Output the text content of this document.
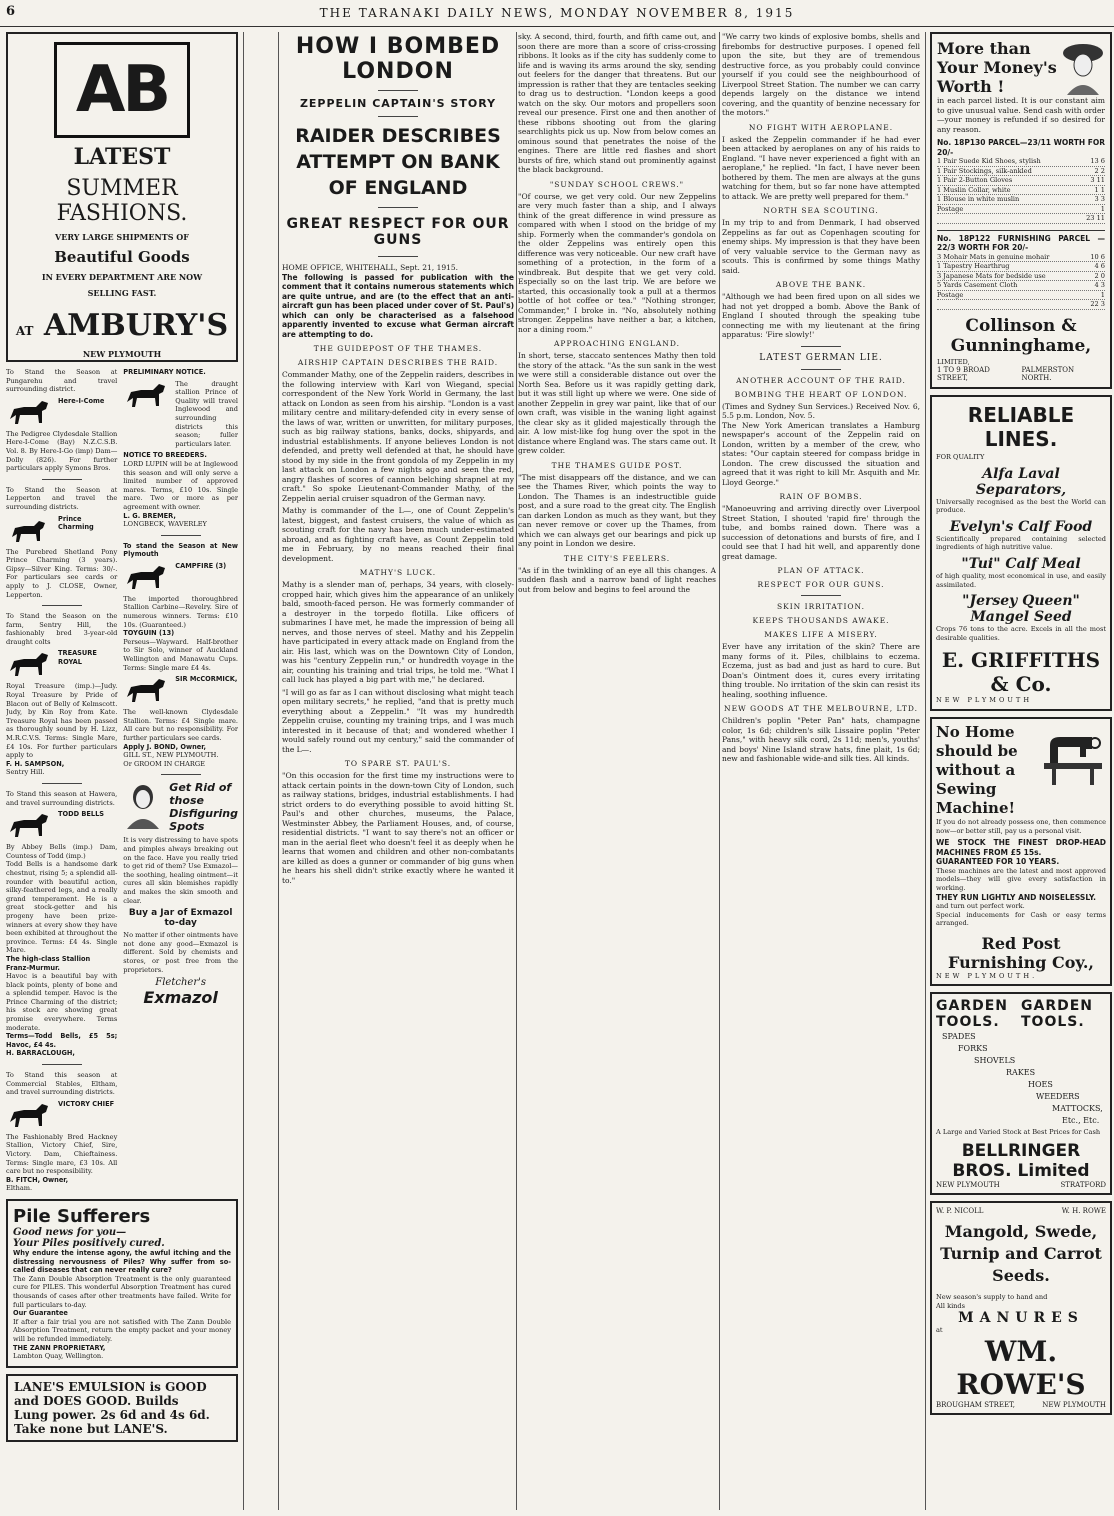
6	THE TARANAKI DAILY NEWS, MONDAY NOVEMBER 8, 1915
AB
LATEST
SUMMER FASHIONS.
VERY LARGE SHIPMENTS OF
Beautiful Goods
IN EVERY DEPARTMENT ARE NOW
SELLING FAST.
AT AMBURY'S
NEW PLYMOUTH
To Stand the Season at Pungarehu and travel surrounding district.
Here-I-Come
The Pedigree Clydesdale Stallion Here-I-Come (Bay) N.Z.C.S.B. Vol. 8. By Here-I-Go (imp) Dam—Dolly (826). For further particulars apply Symons Bros.
To Stand the Season at Lepperton and travel the surrounding districts.
Prince Charming
The Purebred Shetland Pony Prince Charming (3 years). Gipsy—Silver King. Terms: 30/-. For particulars see cards or apply to J. CLOSE, Owner, Lepperton.
To Stand the Season on the farm, Sentry Hill, the fashionably bred 3-year-old draught colts
TREASURE ROYAL
Royal Treasure (imp.)—Judy. Royal Treasure by Pride of Blacon out of Belly of Kelmscott. Judy, by Kin Roy from Kate. Treasure Royal has been passed as thoroughly sound by H. Lizz, M.R.C.V.S. Terms: Single Mare, £4 10s. For further particulars apply to
F. H. SAMPSON,
Sentry Hill.
To Stand this season at Hawera, and travel surrounding districts.
TODD BELLS
By Abbey Bells (imp.) Dam, Countess of Todd (imp.)
Todd Bells is a handsome dark chestnut, rising 5; a splendid all-rounder with beautiful action, silky-feathered legs, and a really grand temperament. He is a great stock-getter and his progeny have been prize-winners at every show they have been exhibited at throughout the province. Terms: £4 4s. Single Mare.
The high-class Stallion
Franz-Murmur.
Havoc is a beautiful bay with black points, plenty of bone and a splendid temper. Havoc is the Prince Charming of the district; his stock are showing great promise everywhere. Terms moderate.
Terms—Todd Bells, £5 5s; Havoc, £4 4s.
H. BARRACLOUGH,
To Stand this season at Commercial Stables, Eltham, and travel surrounding districts.
VICTORY CHIEF
The Fashionably Bred Hackney Stallion, Victory Chief, Sire, Victory. Dam, Chieftainess. Terms: Single mare, £3 10s. All care but no responsibility.
B. FITCH, Owner,
Eltham.
PRELIMINARY NOTICE.
The draught stallion Prince of Quality will travel Inglewood and surrounding districts this season; fuller particulars later.
NOTICE TO BREEDERS.
LORD LUPIN will be at Inglewood this season and will only serve a limited number of approved mares. Terms, £10 10s. Single mare. Two or more as per agreement with owner.
L. G. BREMER,
LONGBECK, WAVERLEY
To stand the Season at New Plymouth
CAMPFIRE (3)
The imported thoroughbred Stallion Carbine—Revelry. Sire of numerous winners. Terms: £10 10s. (Guaranteed.)
TOYGUIN (13)
Perseus—Wayward. Half-brother to Sir Solo, winner of Auckland Wellington and Manawatu Cups. Terms: Single mare £4 4s.
SIR McCORMICK,
The well-known Clydesdale Stallion. Terms: £4 Single mare. All care but no responsibility. For further particulars see cards.
Apply J. BOND, Owner,
GILL ST., NEW PLYMOUTH.
Or GROOM IN CHARGE
Get Rid of those Disfiguring Spots
It is very distressing to have spots and pimples always breaking out on the face. Have you really tried to get rid of them? Use Exmazol—the soothing, healing ointment—it cures all skin blemishes rapidly and makes the skin smooth and clear.
Buy a Jar of Exmazol to-day
No matter if other ointments have not done any good—Exmazol is different. Sold by chemists and stores, or post free from the proprietors.
Fletcher's
Exmazol
Pile Sufferers
Good news for you—
Your Piles positively cured.
Why endure the intense agony, the awful itching and the distressing nervousness of Piles? Why suffer from so-called diseases that can never really cure?
The Zann Double Absorption Treatment is the only guaranteed cure for PILES. This wonderful Absorption Treatment has cured thousands of cases after other treatments have failed. Write for full particulars to-day.
Our Guarantee
If after a fair trial you are not satisfied with The Zann Double Absorption Treatment, return the empty packet and your money will be refunded immediately.
THE ZANN PROPRIETARY,
Lambton Quay, Wellington.
LANE'S EMULSION is GOOD
and DOES GOOD. Builds
Lung power. 2s 6d and 4s 6d.
Take none but LANE'S.
HOW I BOMBED LONDON
ZEPPELIN CAPTAIN'S STORY
RAIDER DESCRIBES ATTEMPT ON BANK OF ENGLAND
GREAT RESPECT FOR OUR GUNS
HOME OFFICE, WHITEHALL, Sept. 21, 1915.
The following is passed for publication with the comment that it contains numerous statements which are quite untrue, and are (to the effect that an anti-aircraft gun has been placed under cover of St. Paul's) which can only be characterised as a falsehood apparently invented to excuse what German aircraft are attempting to do.
THE GUIDEPOST OF THE THAMES.
AIRSHIP CAPTAIN DESCRIBES THE RAID.
Commander Mathy, one of the Zeppelin raiders, describes in the following interview with Karl von Wiegand, special correspondent of the New York World in Germany, the last attack on London as seen from his airship. "London is a vast military centre and military-defended city in every sense of the laws of war, written or unwritten, for military purposes, such as big railway stations, banks, docks, shipyards, and industrial establishments. If anyone believes London is not defended, and pretty well defended at that, he should have stood by my side in the front gondola of my Zeppelin in my last attack on London a few nights ago and seen the red, angry flashes of scores of cannon belching shrapnel at my craft." So spoke Lieutenant-Commander Mathy, of the Zeppelin aerial cruiser squadron of the German navy.
Mathy is commander of the L—, one of Count Zeppelin's latest, biggest, and fastest cruisers, the value of which as scouting craft for the navy has been much under-estimated abroad, and as fighting craft have, as Count Zeppelin told me in February, by no means reached their final development.
MATHY'S LUCK.
Mathy is a slender man of, perhaps, 34 years, with closely-cropped hair, which gives him the appearance of an unlikely bald, smooth-faced person. He was formerly commander of a destroyer in the torpedo flotilla. Like officers of submarines I have met, he made the impression of being all nerves, and those nerves of steel. Mathy and his Zeppelin have participated in every attack made on England from the air. His last, which was on the Downtown City of London, was his "century Zeppelin run," or hundredth voyage in the air, counting his training and trial trips, he told me. "What I call luck has played a big part with me," he declared.
"I will go as far as I can without disclosing what might teach open military secrets," he replied, "and that is pretty much everything about a Zeppelin." "It was my hundredth Zeppelin cruise, counting my training trips, and I was much interested in it because of that; and wondered whether I would safely round out my century," said the commander of the L—.
TO SPARE ST. PAUL'S.
"On this occasion for the first time my instructions were to attack certain points in the down-town City of London, such as railway stations, bridges, industrial establishments. I had strict orders to do everything possible to avoid hitting St. Paul's and other churches, museums, the Palace, Westminster Abbey, the Parliament Houses, and, of course, residential districts. "I want to say there's not an officer or man in the aerial fleet who doesn't feel it as deeply when he learns that women and children and other non-combatants are killed as does a gunner or commander of big guns when he hears his shell didn't strike exactly where he wanted it to."
sky. A second, third, fourth, and fifth came out, and soon there are more than a score of criss-crossing ribbons. It looks as if the city has suddenly come to life and is waving its arms around the sky, sending out feelers for the danger that threatens. But our impression is rather that they are tentacles seeking to drag us to destruction. "London keeps a good watch on the sky. Our motors and propellers soon reveal our presence. First one and then another of these ribbons shooting out from the glaring searchlights pick us up. Now from below comes an ominous sound that penetrates the noise of the engines. There are little red flashes and short bursts of fire, which stand out prominently against the black background.
"SUNDAY SCHOOL CREWS."
"Of course, we get very cold. Our new Zeppelins are very much faster than a ship, and I always think of the great difference in wind pressure as compared with when I stood on the bridge of my ship. Formerly when the commander's gondola on the older Zeppelins was entirely open this difference was very noticeable. Our new craft have something of a protection, in the form of a windbreak. But despite that we get very cold. Especially so on the last trip. We are before we started, this occasionally took a pull at a thermos bottle of hot coffee or tea." "Nothing stronger, Commander," I broke in. "No, absolutely nothing stronger. Zeppelins have neither a bar, a kitchen, nor a dining room."
APPROACHING ENGLAND.
In short, terse, staccato sentences Mathy then told the story of the attack. "As the sun sank in the west we were still a considerable distance out over the North Sea. Before us it was rapidly getting dark, but it was still light up where we were. One side of another Zeppelin in grey war paint, like that of our own craft, was visible in the waning light against the clear sky as it glided majestically through the air. A low mist-like fog hung over the spot in the distance where England was. The stars came out. It grew colder.
THE THAMES GUIDE POST.
"The mist disappears off the distance, and we can see the Thames River, which points the way to London. The Thames is an indestructible guide post, and a sure road to the great city. The English can darken London as much as they want, but they can never remove or cover up the Thames, from which we can always get our bearings and pick up any point in London we desire.
THE CITY'S FEELERS.
"As if in the twinkling of an eye all this changes. A sudden flash and a narrow band of light reaches out from below and begins to feel around the
"We carry two kinds of explosive bombs, shells and firebombs for destructive purposes. I opened fell upon the site, but they are of tremendous destructive force, as you probably could convince yourself if you could see the neighbourhood of Liverpool Street Station. The number we can carry depends largely on the distance we intend covering, and the quantity of benzine necessary for the motors."
NO FIGHT WITH AEROPLANE.
I asked the Zeppelin commander if he had ever been attacked by aeroplanes on any of his raids to England. "I have never experienced a fight with an aeroplane," he replied. "In fact, I have never been bothered by them. The men are always at the guns watching for them, but so far none have attempted to attack. We are pretty well prepared for them."
NORTH SEA SCOUTING.
In my trip to and from Denmark, I had observed Zeppelins as far out as Copenhagen scouting for enemy ships. My impression is that they have been of very valuable service to the German navy as scouts. This is confirmed by some things Mathy said.
ABOVE THE BANK.
"Although we had been fired upon on all sides we had not yet dropped a bomb. Above the Bank of England I shouted through the speaking tube connecting me with my lieutenant at the firing apparatus: 'Fire slowly!'
LATEST GERMAN LIE.
ANOTHER ACCOUNT OF THE RAID.
BOMBING THE HEART OF LONDON.
(Times and Sydney Sun Services.) Received Nov. 6, 5.5 p.m. London, Nov. 5.
The New York American translates a Hamburg newspaper's account of the Zeppelin raid on London, written by a member of the crew, who states: "Our captain steered for compass bridge in London. The crew discussed the situation and agreed that it was right to kill Mr. Asquith and Mr. Lloyd George."
RAIN OF BOMBS.
"Manoeuvring and arriving directly over Liverpool Street Station, I shouted 'rapid fire' through the tube, and bombs rained down. There was a succession of detonations and bursts of fire, and I could see that I had hit well, and apparently done great damage.
PLAN OF ATTACK.
RESPECT FOR OUR GUNS.
SKIN IRRITATION.
KEEPS THOUSANDS AWAKE.
MAKES LIFE A MISERY.
Ever have any irritation of the skin? There are many forms of it. Piles, chilblains to eczema. Eczema, just as bad and just as hard to cure. But Doan's Ointment does it, cures every irritating thing trouble. No irritation of the skin can resist its healing, soothing influence.
NEW GOODS AT THE MELBOURNE, LTD.
Children's poplin "Peter Pan" hats, champagne color, 1s 6d; children's silk Lissaire poplin "Peter Pans," with heavy silk cord, 2s 11d; men's, youths' and boys' Nine Island straw hats, fine plait, 1s 6d; new and fashionable wide-and silk ties. All kinds.
More than Your Money's Worth !
in each parcel listed. It is our constant aim to give unusual value. Send cash with order —your money is refunded if so desired for any reason.
No. 18P130 PARCEL—23/11 WORTH FOR 20/-
1 Pair Suede Kid Shoes, stylish	13 6
1 Pair Stockings, silk-ankled	2 2
1 Pair 2-Button Gloves	3 11
1 Muslin Collar, white	1 1
1 Blouse in white muslin	3 3
Postage	1
23 11
No. 18P122 FURNISHING PARCEL — 22/3 WORTH FOR 20/-
3 Mohair Mats in genuine mohair	10 6
1 Tapestry Hearthrug	4 6
3 Japanese Mats for bedside use	2 0
5 Yards Casement Cloth	4 3
Postage	1
22 3
Collinson & Gunninghame,
LIMITED,
1 TO 9 BROAD STREET,
PALMERSTON NORTH.
RELIABLE LINES.
FOR QUALITY
Alfa Laval Separators,
Universally recognised as the best the World can produce.
Evelyn's Calf Food
Scientifically prepared containing selected ingredients of high nutritive value.
"Tui" Calf Meal
of high quality, most economical in use, and easily assimilated.
"Jersey Queen" Mangel Seed
Crops 76 tons to the acre. Excels in all the most desirable qualities.
E. GRIFFITHS & Co.
NEW PLYMOUTH
No Home should be without a Sewing Machine!
If you do not already possess one, then commence now—or better still, pay us a personal visit.
WE STOCK THE FINEST DROP-HEAD MACHINES FROM £5 15s.
GUARANTEED FOR 10 YEARS.
These machines are the latest and most approved models—they will give every satisfaction in working.
THEY RUN LIGHTLY AND NOISELESSLY.
and turn out perfect work.
Special inducements for Cash or easy terms arranged.
Red Post Furnishing Coy.,
NEW PLYMOUTH.
GARDEN TOOLS.
GARDEN TOOLS.
SPADES
FORKS
SHOVELS
RAKES
HOES
WEEDERS
MATTOCKS,
Etc., Etc.
A Large and Varied Stock at Best Prices for Cash
BELLRINGER BROS. Limited
NEW PLYMOUTH	STRATFORD
W. P. NICOLL	W. H. ROWE
Mangold, Swede, Turnip and Carrot Seeds.
New season's supply to hand and
All kinds
MANURES
at
WM. ROWE'S
BROUGHAM STREET,	NEW PLYMOUTH
